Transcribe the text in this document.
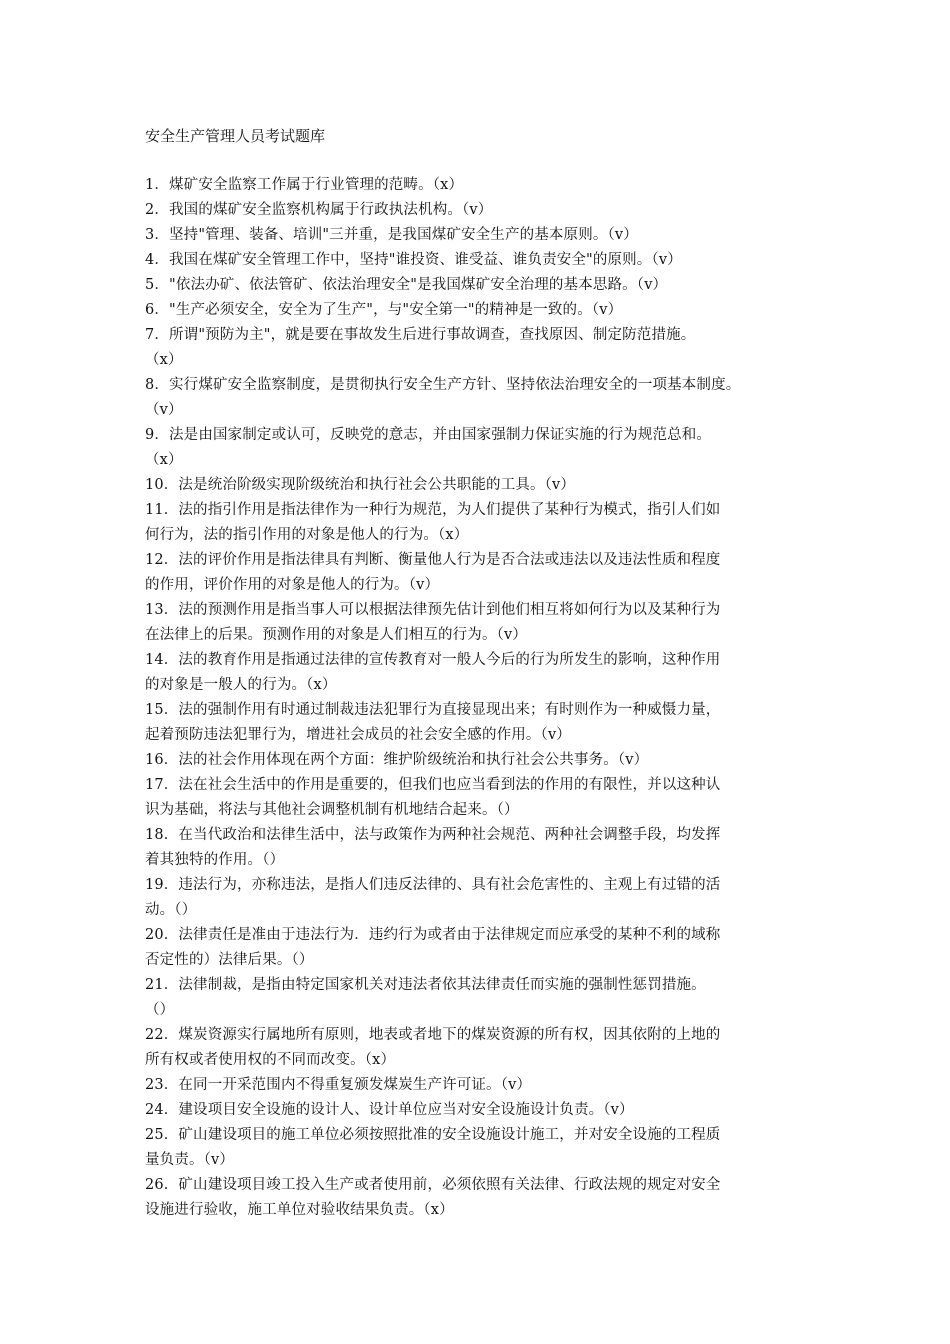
安全生产管理人员考试题库
1．煤矿安全监察工作属于行业管理的范畴。（x）
2．我国的煤矿安全监察机构属于行政执法机构。（v）
3．坚持"管理、装备、培训"三并重，是我国煤矿安全生产的基本原则。（v）
4．我国在煤矿安全管理工作中，坚持"谁投资、谁受益、谁负责安全"的原则。（v）
5．"依法办矿、依法管矿、依法治理安全"是我国煤矿安全治理的基本思路。（v）
6．"生产必须安全，安全为了生产"，与"安全第一"的精神是一致的。（v）
7．所谓"预防为主"，就是要在事故发生后进行事故调查，查找原因、制定防范措施。
（x）
8．实行煤矿安全监察制度，是贯彻执行安全生产方针、坚持依法治理安全的一项基本制度。
（v）
9．法是由国家制定或认可，反映党的意志，并由国家强制力保证实施的行为规范总和。
（x）
10．法是统治阶级实现阶级统治和执行社会公共职能的工具。（v）
11．法的指引作用是指法律作为一种行为规范，为人们提供了某种行为模式，指引人们如
何行为，法的指引作用的对象是他人的行为。（x）
12．法的评价作用是指法律具有判断、衡量他人行为是否合法或违法以及违法性质和程度
的作用，评价作用的对象是他人的行为。（v）
13．法的预测作用是指当事人可以根据法律预先估计到他们相互将如何行为以及某种行为
在法律上的后果。预测作用的对象是人们相互的行为。（v）
14．法的教育作用是指通过法律的宣传教育对一般人今后的行为所发生的影响，这种作用
的对象是一般人的行为。（x）
15．法的强制作用有时通过制裁违法犯罪行为直接显现出来；有时则作为一种威慑力量，
起着预防违法犯罪行为，增进社会成员的社会安全感的作用。（v）
16．法的社会作用体现在两个方面：维护阶级统治和执行社会公共事务。（v）
17．法在社会生活中的作用是重要的，但我们也应当看到法的作用的有限性，并以这种认
识为基础，将法与其他社会调整机制有机地结合起来。（）
18．在当代政治和法律生活中，法与政策作为两种社会规范、两种社会调整手段，均发挥
着其独特的作用。（）
19．违法行为，亦称违法，是指人们违反法律的、具有社会危害性的、主观上有过错的活
动。（）
20．法律责任是准由于违法行为．违约行为或者由于法律规定而应承受的某种不利的域称
否定性的）法律后果。（）
21．法律制裁，是指由特定国家机关对违法者依其法律责任而实施的强制性惩罚措施。
（）
22．煤炭资源实行属地所有原则，地表或者地下的煤炭资源的所有权，因其依附的上地的
所有权或者使用权的不同而改变。（x）
23．在同一开采范围内不得重复颁发煤炭生产许可证。（v）
24．建设项目安全设施的设计人、设计单位应当对安全设施设计负责。（v）
25．矿山建设项目的施工单位必须按照批准的安全设施设计施工，并对安全设施的工程质
量负责。（v）
26．矿山建设项目竣工投入生产或者使用前，必须依照有关法律、行政法规的规定对安全
设施进行验收，施工单位对验收结果负责。（x）
